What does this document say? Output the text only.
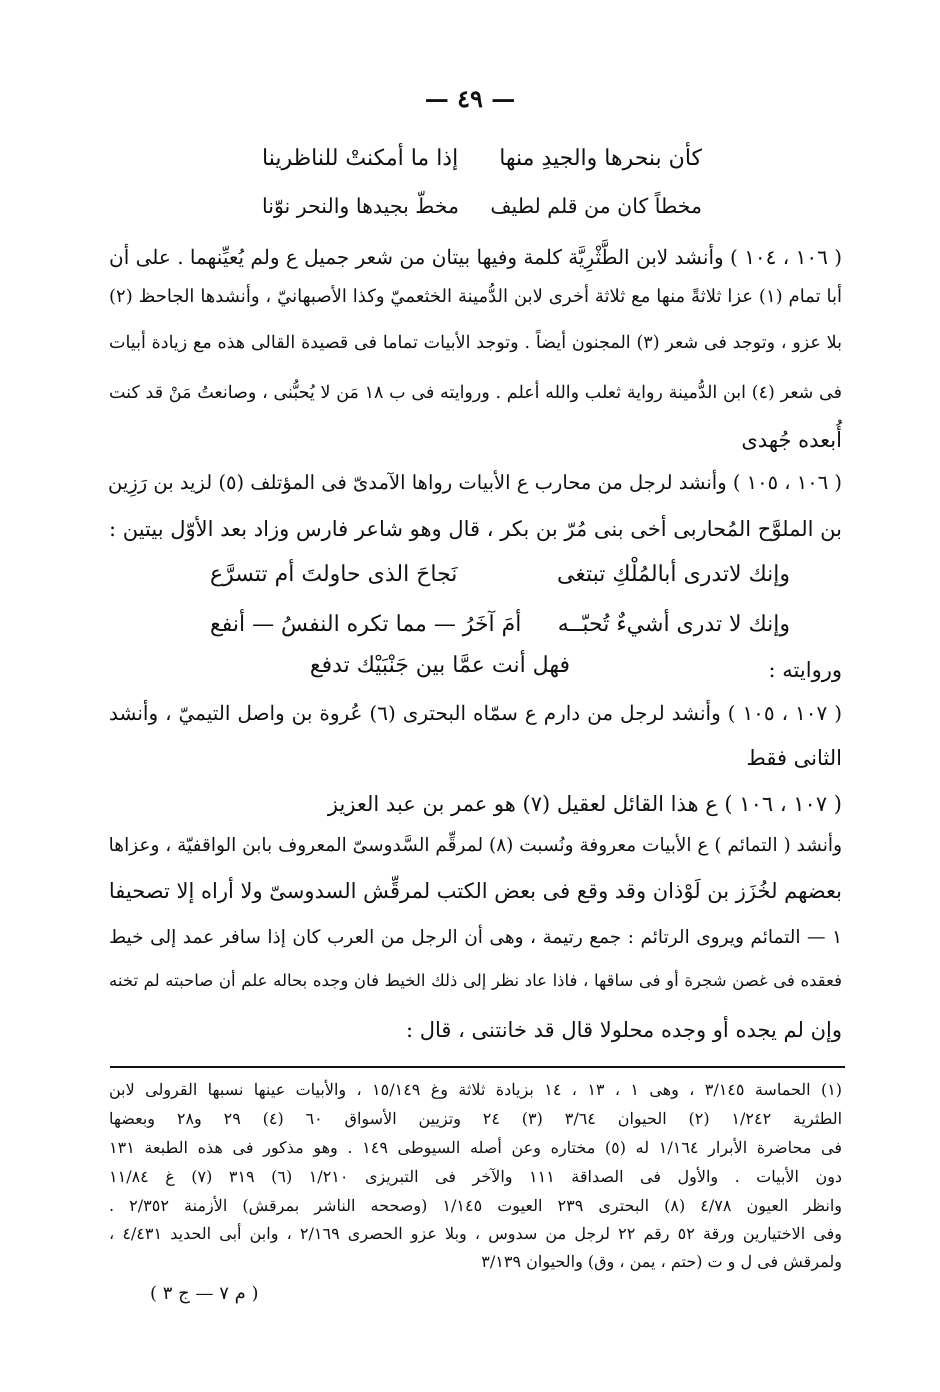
— ٤٩ —
كأن بنحرها والجيدِ منها
إذا ما أمكنتْ للناظرينا
مخطاً كان من قلم لطيف
مخطّ بجيدها والنحر نوّنا
( ١٠٦ ، ١٠٤ ) وأنشد لابن الطَّثْرِيَّة كلمة وفيها بيتان من شعر جميل ع ولم يُعيِّنهما . على أن
أبا تمام (١) عزا ثلاثةً منها مع ثلاثة أخرى لابن الدُّمينة الخثعميّ وكذا الأصبهانيّ ، وأنشدها الجاحظ (٢)
بلا عزو ، وتوجد فى شعر (٣) المجنون أيضاً . وتوجد الأبيات تماما فى قصيدة القالى هذه مع زيادة أبيات
فى شعر (٤) ابن الدُّمينة رواية ثعلب والله أعلم . وروايته فى ب ١٨ مَن لا يُحبُّنى ، وصانعتُ مَنْ قد كنت
أُبعده جُهدى
( ١٠٦ ، ١٠٥ ) وأنشد لرجل من محارب ع الأبيات رواها الآمدىّ فى المؤتلف (٥) لزيد بن رَزِين
بن الملوَّح المُحاربى أخى بنى مُرّ بن بكر ، قال وهو شاعر فارس وزاد بعد الأوّل بيتين :
وإنك لاتدرى أبالمُلْكِ تبتغى
نَجاحَ الذى حاولتَ أم تتسرَّع
وإنك لا تدرى أشيءٌ تُحبّــه
أمَ آخَرُ — مما تكره النفسُ — أنفع
وروايته :
فهل أنت عمَّا بين جَنْبَيْك تدفع
( ١٠٧ ، ١٠٥ ) وأنشد لرجل من دارم ع سمّاه البحترى (٦) عُروة بن واصل التيميّ ، وأنشد
الثانى فقط
( ١٠٧ ، ١٠٦ ) ع هذا القائل لعقيل (٧) هو عمر بن عبد العزيز
وأنشد ( التمائم ) ع الأبيات معروفة ونُسبت (٨) لمرقِّم السَّدوسىّ المعروف بابن الواقفيّة ، وعزاها
بعضهم لخُزَز بن لَوْذان وقد وقع فى بعض الكتب لمرقِّش السدوسىّ ولا أراه إلا تصحيفا
١ — التمائم ويروى الرتائم : جمع رتيمة ، وهى أن الرجل من العرب كان إذا سافر عمد إلى خيط
فعقده فى غصن شجرة أو فى ساقها ، فاذا عاد نظر إلى ذلك الخيط فان وجده بحاله علم أن صاحبته لم تخنه
وإن لم يجده أو وجده محلولا قال قد خانتنى ، قال :
(١) الحماسة ٣/١٤٥ ، وهى ١ ، ١٣ ، ١٤ بزيادة ثلاثة وغ ١٥/١٤٩ ، والأبيات عينها نسبها القرولى لابن
الطثرية ١/٢٤٢ (٢) الحيوان ٣/٦٤ (٣) ٢٤ وتزيين الأسواق ٦٠ (٤) ٢٩ و٢٨ وبعضها
فى محاضرة الأبرار ١/١٦٤ له (٥) مختاره وعن أصله السيوطى ١٤٩ . وهو مذكور فى هذه الطبعة ١٣١
دون الأبيات . والأول فى الصداقة ١١١ والآخر فى التبريزى ١/٢١٠ (٦) ٣١٩ (٧) غ ١١/٨٤
وانظر العيون ٤/٧٨ (٨) البحترى ٢٣٩ العيوت ١/١٤٥ (وصححه الناشر بمرقش) الأزمنة ٢/٣٥٢ .
وفى الاختيارين ورقة ٥٢ رقم ٢٢ لرجل من سدوس ، وبلا عزو الحصرى ٢/١٦٩ ، وابن أبى الحديد ٤/٤٣١ ،
ولمرقش فى ل و ت (حتم ، يمن ، وق) والحيوان ٣/١٣٩
( م ٧ — ج ٣ )
